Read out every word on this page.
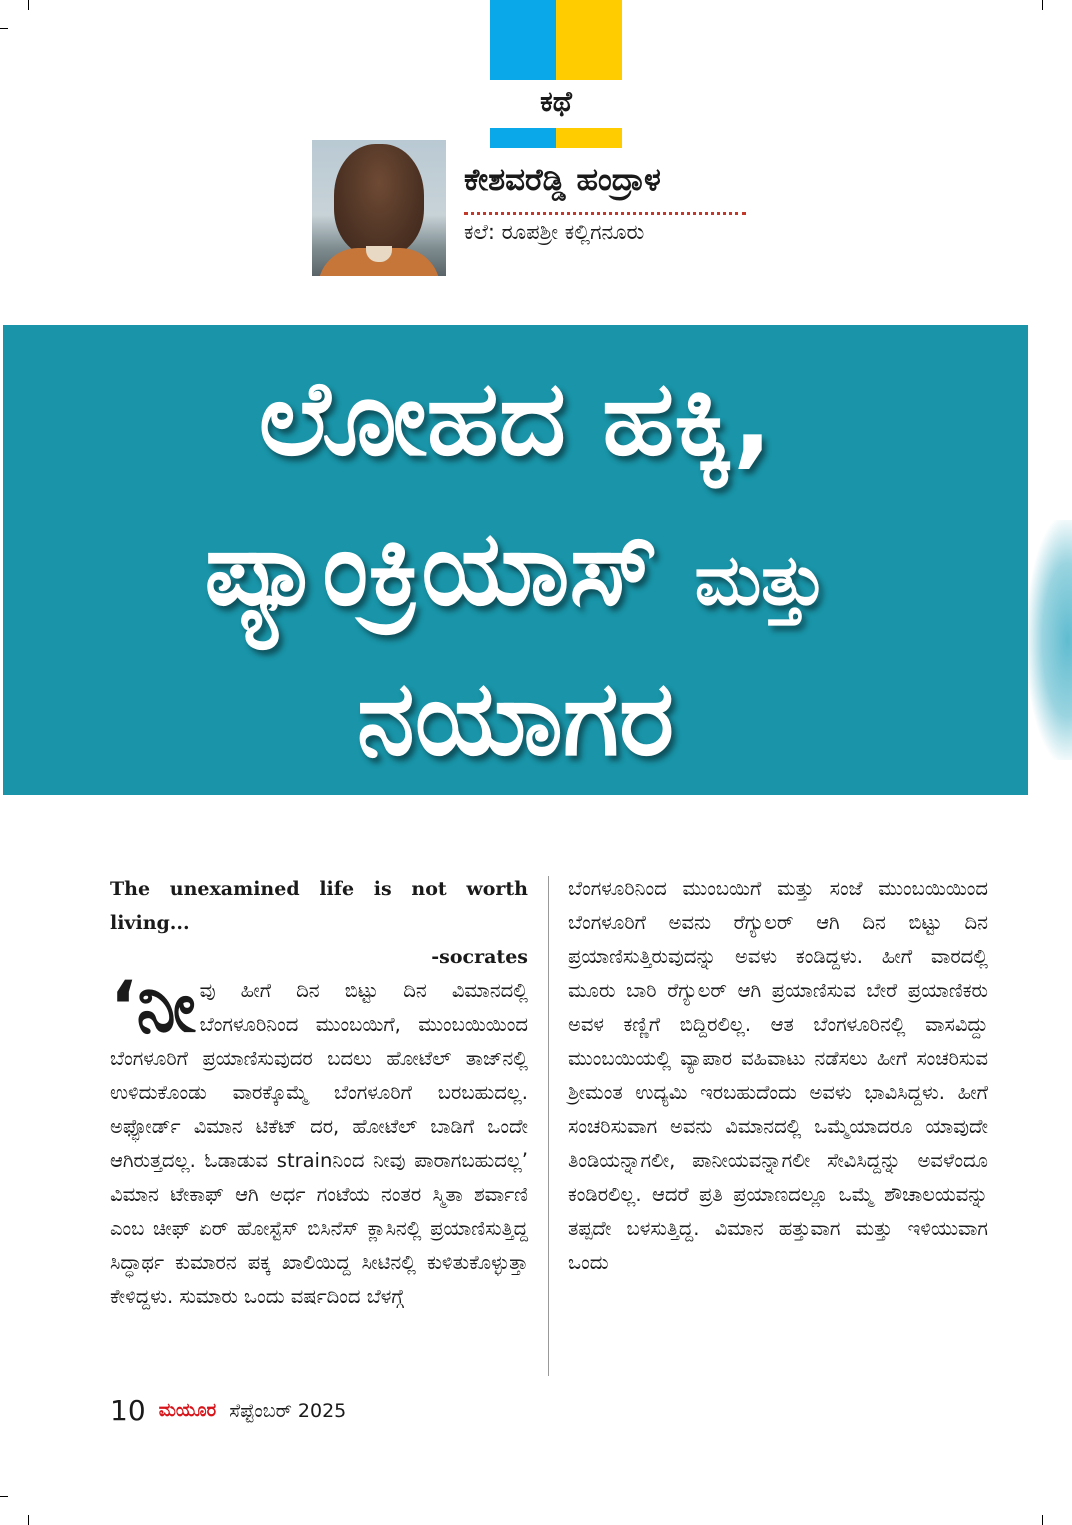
ಕಥೆ
ಕೇಶವರೆಡ್ಡಿ ಹಂದ್ರಾಳ
ಕಲೆ: ರೂಪಶ್ರೀ ಕಲ್ಲಿಗನೂರು
ಲೋಹದ ಹಕ್ಕಿ,
ಪ್ಯಾಂಕ್ರಿಯಾಸ್ ಮತ್ತು
ನಯಾಗರ
The unexamined life is not worth living...
-socrates
‘ನೀ ವು ಹೀಗೆ ದಿನ ಬಿಟ್ಟು ದಿನ ವಿಮಾನದಲ್ಲಿ ಬೆಂಗಳೂರಿನಿಂದ ಮುಂಬಯಿಗೆ, ಮುಂಬಯಿಯಿಂದ ಬೆಂಗಳೂರಿಗೆ ಪ್ರಯಾಣಿಸುವುದರ ಬದಲು ಹೋಟೆಲ್ ತಾಜ್‌ನಲ್ಲಿ ಉಳಿದುಕೊಂಡು ವಾರಕ್ಕೊಮ್ಮೆ ಬೆಂಗಳೂರಿಗೆ ಬರಬಹುದಲ್ಲ. ಅಫ್ಫೋರ್ಡ್ ವಿಮಾನ ಟಿಕೆಟ್ ದರ, ಹೋಟೆಲ್ ಬಾಡಿಗೆ ಒಂದೇ ಆಗಿರುತ್ತದಲ್ಲ. ಓಡಾಡುವ strainನಿಂದ ನೀವು ಪಾರಾಗಬಹುದಲ್ಲ’ ವಿಮಾನ ಟೇಕಾಫ್ ಆಗಿ ಅರ್ಧ ಗಂಟೆಯ ನಂತರ ಸ್ಮಿತಾ ಶರ್ವಾಣಿ ಎಂಬ ಚೀಫ್ ಏರ್ ಹೋಸ್ಟೆಸ್ ಬಿಸಿನೆಸ್ ಕ್ಲಾಸಿನಲ್ಲಿ ಪ್ರಯಾಣಿಸುತ್ತಿದ್ದ ಸಿದ್ಧಾರ್ಥ ಕುಮಾರನ ಪಕ್ಕ ಖಾಲಿಯಿದ್ದ ಸೀಟಿನಲ್ಲಿ ಕುಳಿತುಕೊಳ್ಳುತ್ತಾ ಕೇಳಿದ್ದಳು. ಸುಮಾರು ಒಂದು ವರ್ಷದಿಂದ ಬೆಳಗ್ಗೆ
ಬೆಂಗಳೂರಿನಿಂದ ಮುಂಬಯಿಗೆ ಮತ್ತು ಸಂಜೆ ಮುಂಬಯಿಯಿಂದ ಬೆಂಗಳೂರಿಗೆ ಅವನು ರೆಗ್ಯುಲರ್ ಆಗಿ ದಿನ ಬಿಟ್ಟು ದಿನ ಪ್ರಯಾಣಿಸುತ್ತಿರುವುದನ್ನು ಅವಳು ಕಂಡಿದ್ದಳು. ಹೀಗೆ ವಾರದಲ್ಲಿ ಮೂರು ಬಾರಿ ರೆಗ್ಯುಲರ್ ಆಗಿ ಪ್ರಯಾಣಿಸುವ ಬೇರೆ ಪ್ರಯಾಣಿಕರು ಅವಳ ಕಣ್ಣಿಗೆ ಬಿದ್ದಿರಲಿಲ್ಲ. ಆತ ಬೆಂಗಳೂರಿನಲ್ಲಿ ವಾಸವಿದ್ದು ಮುಂಬಯಿಯಲ್ಲಿ ವ್ಯಾಪಾರ ವಹಿವಾಟು ನಡೆಸಲು ಹೀಗೆ ಸಂಚರಿಸುವ ಶ್ರೀಮಂತ ಉದ್ಯಮಿ ಇರಬಹುದೆಂದು ಅವಳು ಭಾವಿಸಿದ್ದಳು. ಹೀಗೆ ಸಂಚರಿಸುವಾಗ ಅವನು ವಿಮಾನದಲ್ಲಿ ಒಮ್ಮೆಯಾದರೂ ಯಾವುದೇ ತಿಂಡಿಯನ್ನಾಗಲೀ, ಪಾನೀಯವನ್ನಾಗಲೀ ಸೇವಿಸಿದ್ದನ್ನು ಅವಳೆಂದೂ ಕಂಡಿರಲಿಲ್ಲ. ಆದರೆ ಪ್ರತಿ ಪ್ರಯಾಣದಲ್ಲೂ ಒಮ್ಮೆ ಶೌಚಾಲಯವನ್ನು ತಪ್ಪದೇ ಬಳಸುತ್ತಿದ್ದ. ವಿಮಾನ ಹತ್ತುವಾಗ ಮತ್ತು ಇಳಿಯುವಾಗ ಒಂದು
10 ಮಯೂರ ಸೆಪ್ಟೆಂಬರ್ 2025
